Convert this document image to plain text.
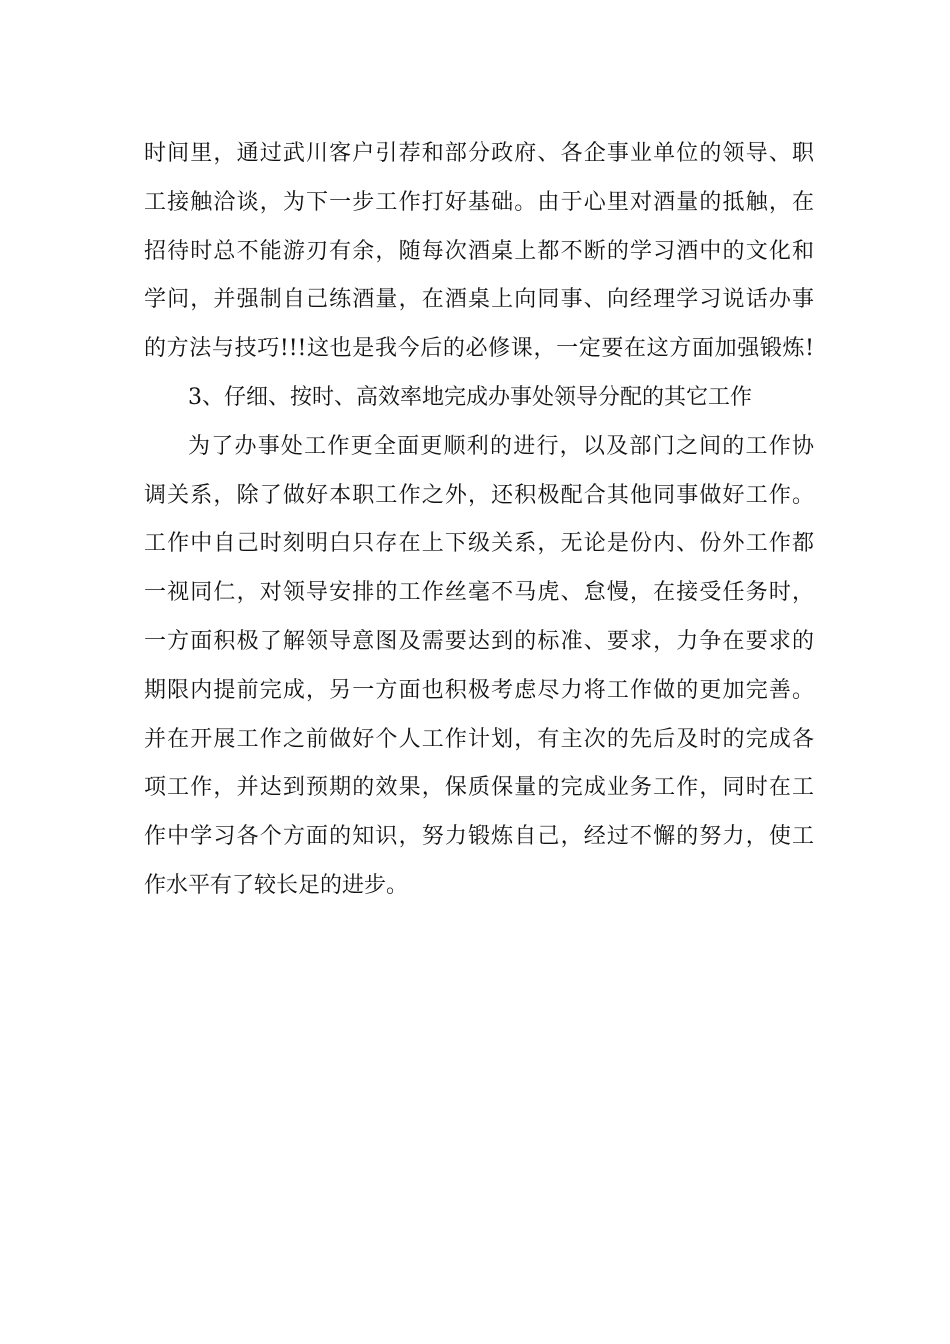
时间里，通过武川客户引荐和部分政府、各企事业单位的领导、职

工接触洽谈，为下一步工作打好基础。由于心里对酒量的抵触，在

招待时总不能游刃有余，随每次酒桌上都不断的学习酒中的文化和

学问，并强制自己练酒量，在酒桌上向同事、向经理学习说话办事

的方法与技巧!!!这也是我今后的必修课，一定要在这方面加强锻炼!

3、仔细、按时、高效率地完成办事处领导分配的其它工作

为了办事处工作更全面更顺利的进行，以及部门之间的工作协

调关系，除了做好本职工作之外，还积极配合其他同事做好工作。

工作中自己时刻明白只存在上下级关系，无论是份内、份外工作都

一视同仁，对领导安排的工作丝毫不马虎、怠慢，在接受任务时，

一方面积极了解领导意图及需要达到的标准、要求，力争在要求的

期限内提前完成，另一方面也积极考虑尽力将工作做的更加完善。

并在开展工作之前做好个人工作计划，有主次的先后及时的完成各

项工作，并达到预期的效果，保质保量的完成业务工作，同时在工

作中学习各个方面的知识，努力锻炼自己，经过不懈的努力，使工

作水平有了较长足的进步。
